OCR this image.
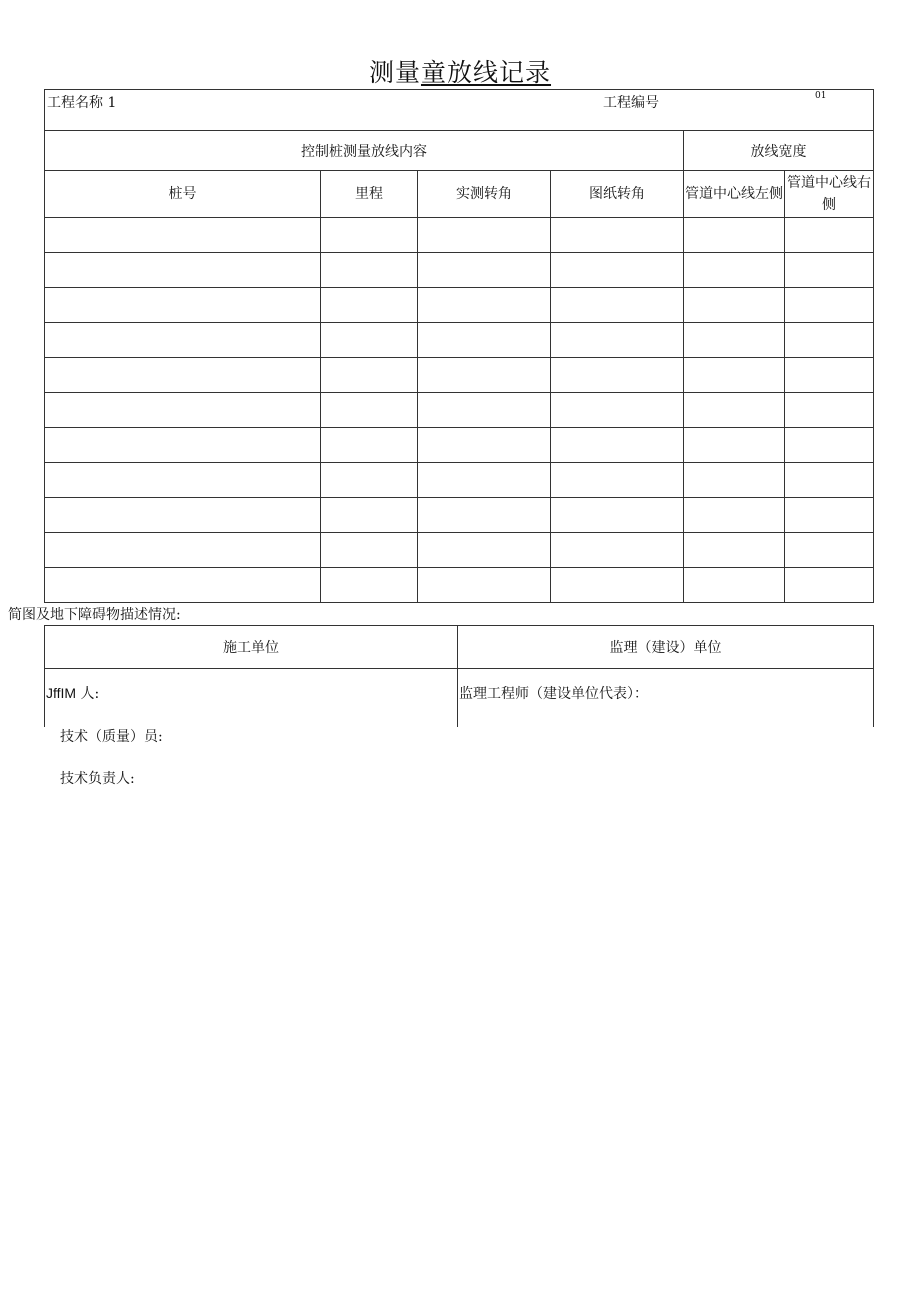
测量童放线记录
工程名称 1 工程编号 01					

控制桩测量放线内容				放线宽度	
桩号	里程	实测转角	图纸转角	管道中心线左侧	管道中心线右侧

简图及地下障碍物描述情况:
施工单位	监理（建设）单位
JffIM 人:	监理工程师（建设单位代表）：
技术（质量）员:
技术负责人:
